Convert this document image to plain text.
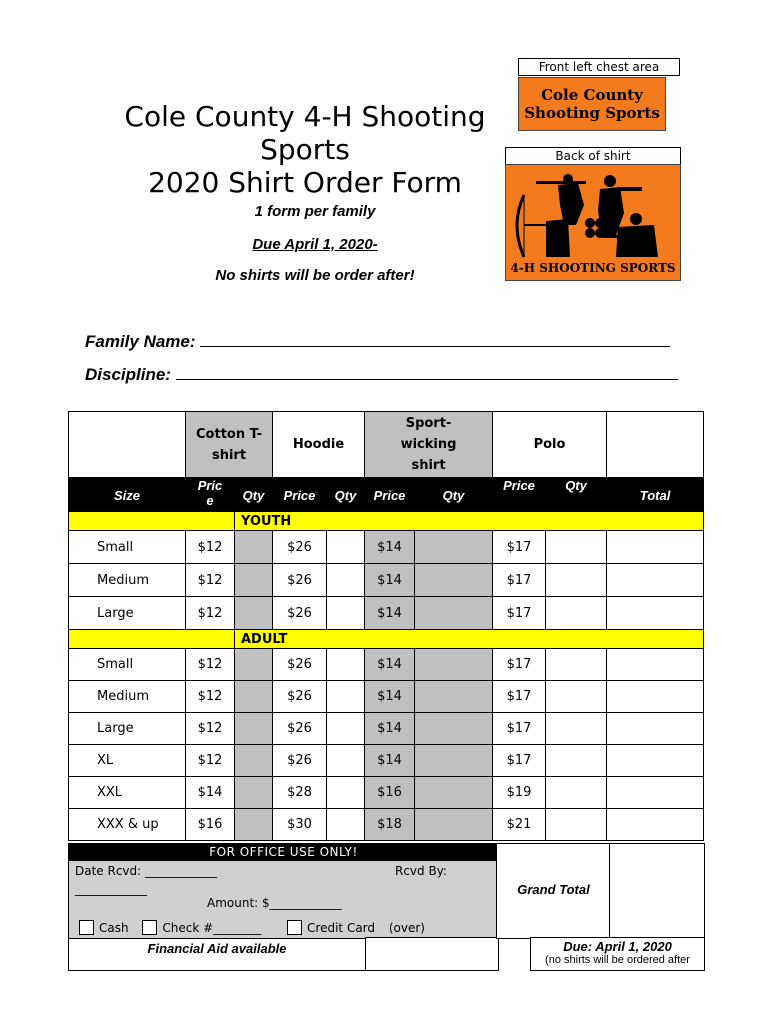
Cole County 4-H Shooting
Sports
2020 Shirt Order Form
1 form per family
Due April 1, 2020-
No shirts will be order after!
Front left chest area
Cole County
Shooting Sports
Back of shirt
4-H SHOOTING SPORTS
Family Name:
Discipline:

	Cotton T-shirt		Hoodie		Sport-wicking shirt		Polo		
Size	Pric e	Qty	Price	Qty	Price	Qty	Price	Qty	Total
		YOUTH							
Small	$12		$26		$14		$17		
Medium	$12		$26		$14		$17		
Large	$12		$26		$14		$17		
		ADULT							
Small	$12		$26		$14		$17		
Medium	$12		$26		$14		$17		
Large	$12		$26		$14		$17		
XL	$12		$26		$14		$17		
XXL	$14		$28		$16		$19		
XXX & up	$16		$30		$18		$21		
FOR OFFICE USE ONLY!
Date Rcvd: ____________	Rcvd By:
____________
Amount: $____________
Cash	Check #________	Credit Card (over)
Financial Aid available
Grand Total
Due: April 1, 2020
(no shirts will be ordered after
